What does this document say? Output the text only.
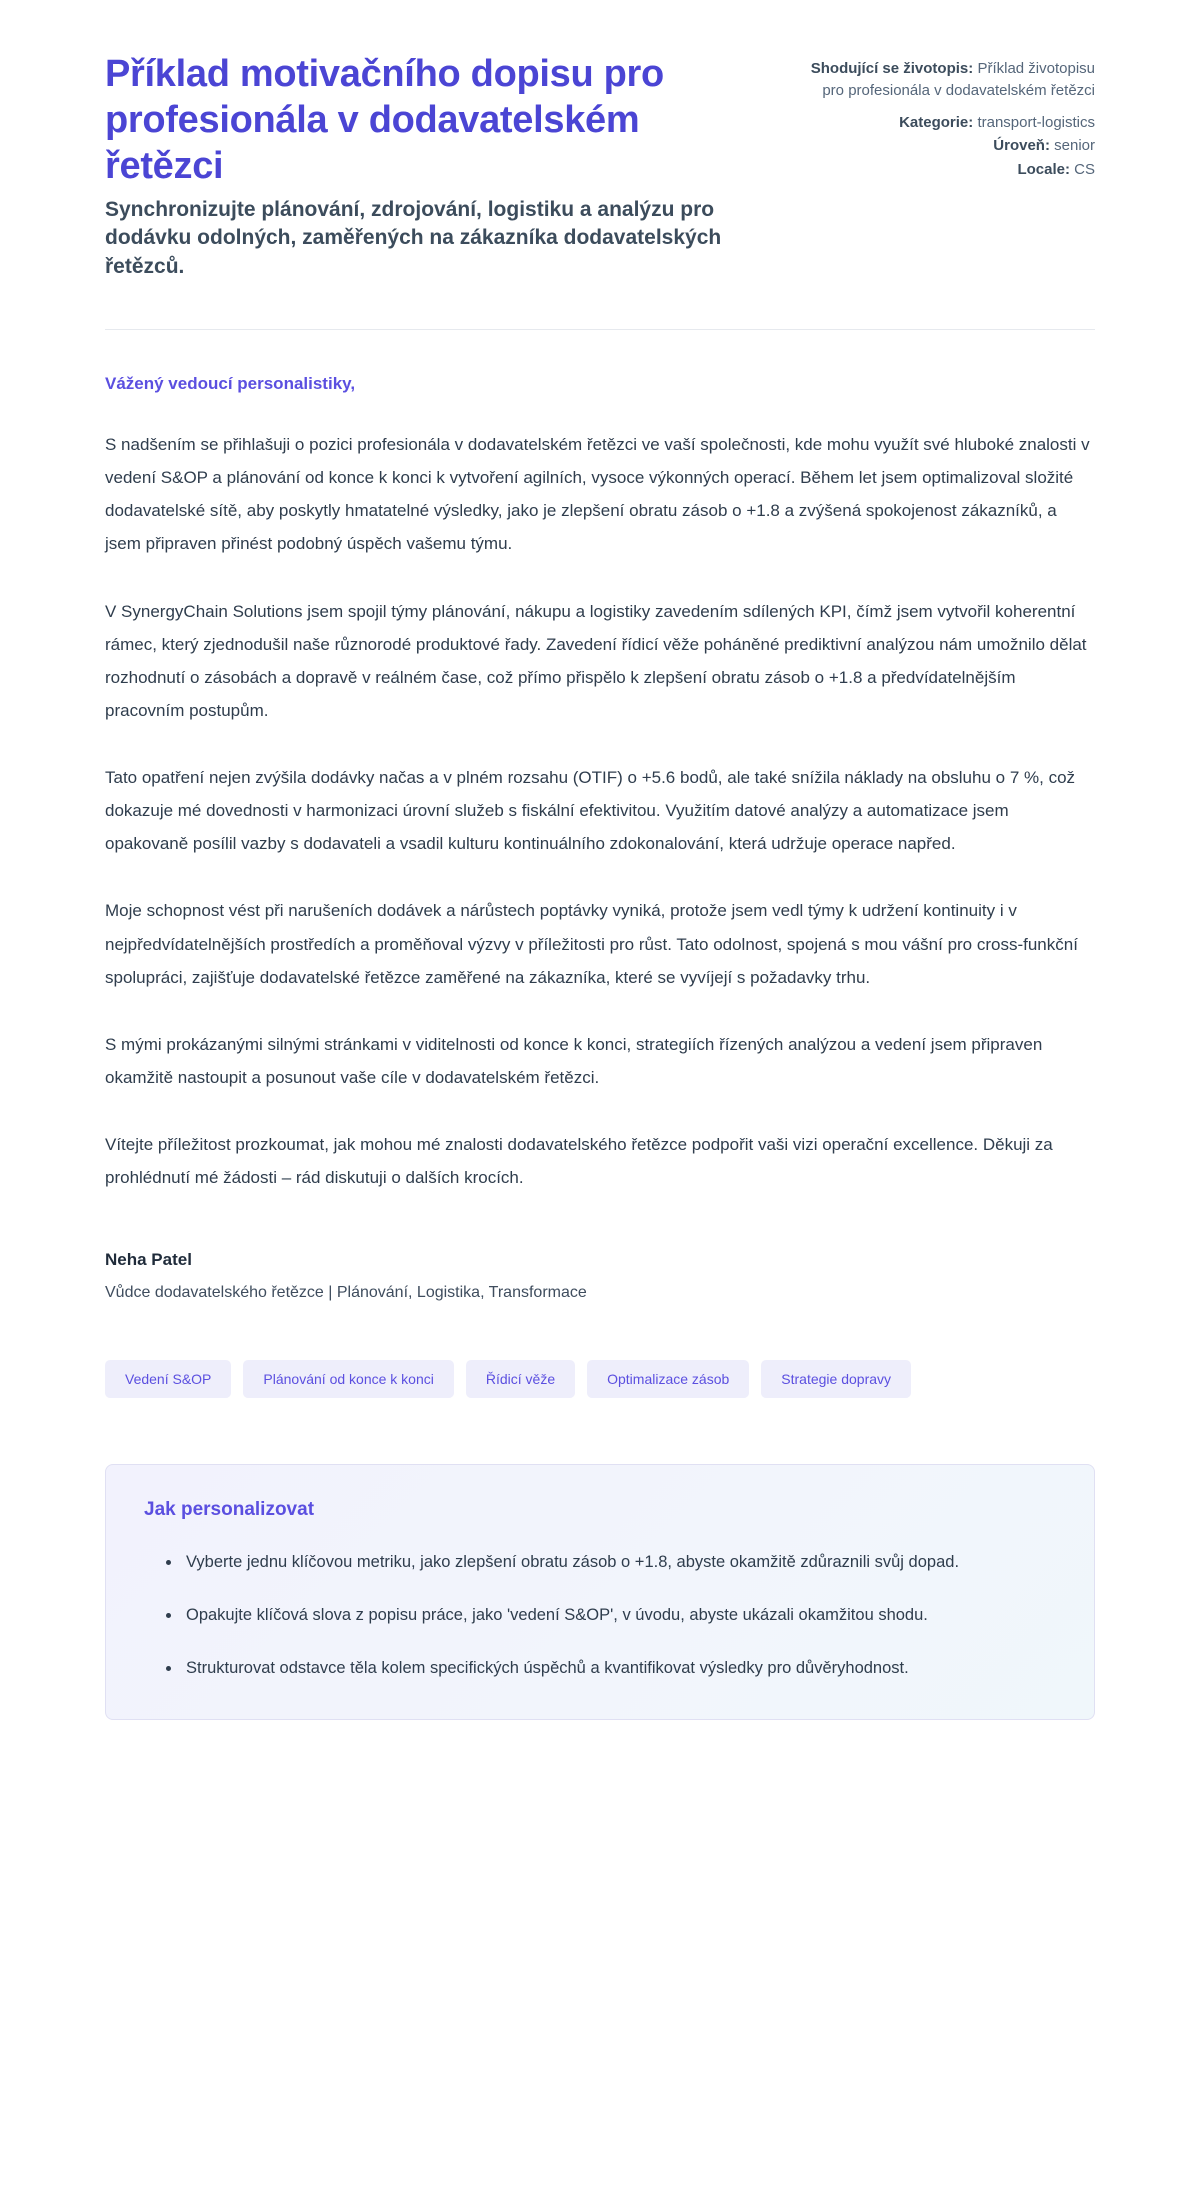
Příklad motivačního dopisu pro profesionála v dodavatelském řetězci

Synchronizujte plánování, zdrojování, logistiku a analýzu pro dodávku odolných, zaměřených na zákazníka dodavatelských řetězců.

Shodující se životopis: Příklad životopisu pro profesionála v dodavatelském řetězci
Kategorie: transport-logistics
Úroveň: senior
Locale: CS

Vážený vedoucí personalistiky,

S nadšením se přihlašuji o pozici profesionála v dodavatelském řetězci ve vaší společnosti, kde mohu využít své hluboké znalosti v vedení S&OP a plánování od konce k konci k vytvoření agilních, vysoce výkonných operací. Během let jsem optimalizoval složité dodavatelské sítě, aby poskytly hmatatelné výsledky, jako je zlepšení obratu zásob o +1.8 a zvýšená spokojenost zákazníků, a jsem připraven přinést podobný úspěch vašemu týmu.

V SynergyChain Solutions jsem spojil týmy plánování, nákupu a logistiky zavedením sdílených KPI, čímž jsem vytvořil koherentní rámec, který zjednodušil naše různorodé produktové řady. Zavedení řídicí věže poháněné prediktivní analýzou nám umožnilo dělat rozhodnutí o zásobách a dopravě v reálném čase, což přímo přispělo k zlepšení obratu zásob o +1.8 a předvídatelnějším pracovním postupům.

Tato opatření nejen zvýšila dodávky načas a v plném rozsahu (OTIF) o +5.6 bodů, ale také snížila náklady na obsluhu o 7 %, což dokazuje mé dovednosti v harmonizaci úrovní služeb s fiskální efektivitou. Využitím datové analýzy a automatizace jsem opakovaně posílil vazby s dodavateli a vsadil kulturu kontinuálního zdokonalování, která udržuje operace napřed.

Moje schopnost vést při narušeních dodávek a nárůstech poptávky vyniká, protože jsem vedl týmy k udržení kontinuity i v nejpředvídatelnějších prostředích a proměňoval výzvy v příležitosti pro růst. Tato odolnost, spojená s mou vášní pro cross-funkční spolupráci, zajišťuje dodavatelské řetězce zaměřené na zákazníka, které se vyvíjejí s požadavky trhu.

S mými prokázanými silnými stránkami v viditelnosti od konce k konci, strategiích řízených analýzou a vedení jsem připraven okamžitě nastoupit a posunout vaše cíle v dodavatelském řetězci.

Vítejte příležitost prozkoumat, jak mohou mé znalosti dodavatelského řetězce podpořit vaši vizi operační excellence. Děkuji za prohlédnutí mé žádosti – rád diskutuji o dalších krocích.

Neha Patel

Vůdce dodavatelského řetězce | Plánování, Logistika, Transformace

Vedení S&OP	Plánování od konce k konci	Řídicí věže	Optimalizace zásob	Strategie dopravy
Jak personalizovat
Vyberte jednu klíčovou metriku, jako zlepšení obratu zásob o +1.8, abyste okamžitě zdůraznili svůj dopad.
Opakujte klíčová slova z popisu práce, jako 'vedení S&OP', v úvodu, abyste ukázali okamžitou shodu.
Strukturovat odstavce těla kolem specifických úspěchů a kvantifikovat výsledky pro důvěryhodnost.
